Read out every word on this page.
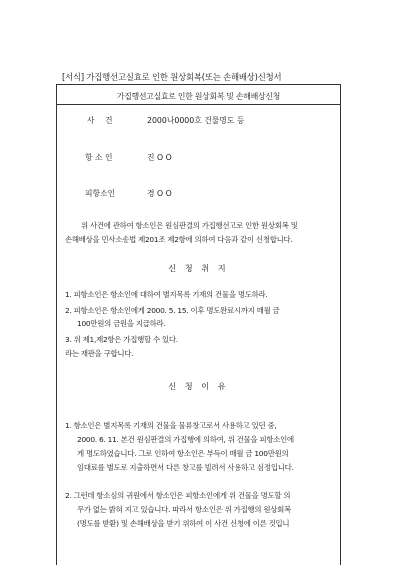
[서식] 가집행선고실효로 인한 원상회복(또는 손해배상)신청서
가집행선고실효로 인한 원상회복 및 손해배상신청
사 건	2000나0000호 건물명도 등
항 소 인	진 O O
피항소인	경 O O
위 사건에 관하여 항소인은 원심판결의 가집행선고로 인한 원상회복 및
손해배상을 민사소송법 제201조 제2항에 의하여 다음과 같이 신청합니다.
신 청 취 지
1. 피항소인은 항소인에 대하여 별지목록 기재의 건물을 명도하라.
2. 피항소인은 항소인에게 2000. 5. 15. 이후 명도완료시까지 매월 금
100만원의 금원을 지급하라.
3. 위 제1,제2항은 가집행할 수 있다.
라는 재판을 구합니다.
신 청 이 유
1. 항소인은 별지목록 기재의 건물을 물류창고로서 사용하고 있던 중,
2000. 6. 11. 본건 원심판결의 가집행에 의하여, 위 건물을 피항소인에
게 명도하였습니다. 그로 인하여 항소인은 부득이 매월 금 100만원의
임대료를 별도로 지출하면서 다른 창고를 빌려서 사용하고 심정입니다.
2. 그런데 항소심의 귀원에서 항소인은 피항소인에게 위 건물을 명도할 의
무가 없는 밝혀 지고 있습니다. 따라서 항소인은 위 가집행의 원상회복
(명도를 받환) 및 손해배상을 받기 위하여 이 사건 신청에 이른 것입니
